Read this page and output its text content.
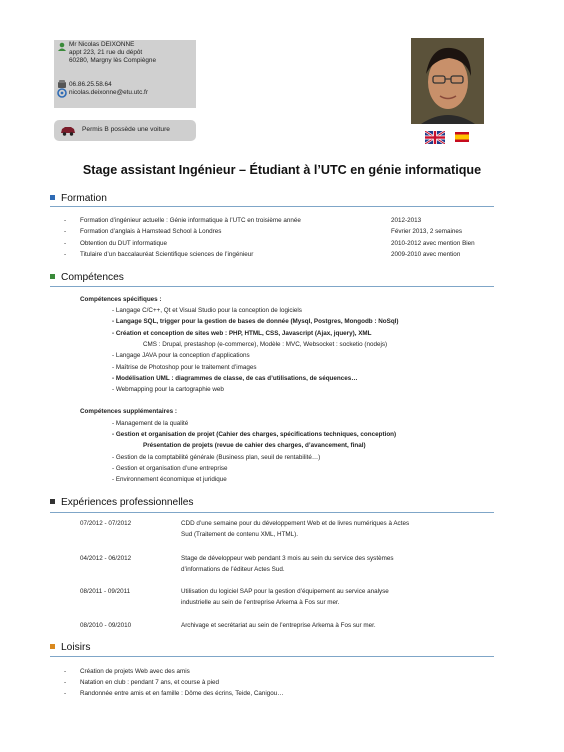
Mr Nicolas DEIXONNE
appt 223, 21 rue du dépôt
60280, Margny lès Compiègne
06.86.25.58.64
nicolas.deixonne@etu.utc.fr
Permis B possède une voiture
Stage assistant Ingénieur – Étudiant à l’UTC en génie informatique
Formation
- Formation d’ingénieur actuelle : Génie informatique à l’UTC en troisième année	2012-2013
- Formation d’anglais à Hamstead School à Londres	Février 2013, 2 semaines
- Obtention du DUT informatique	2010-2012 avec mention Bien
- Titulaire d’un baccalauréat Scientifique sciences de l’ingénieur	2009-2010 avec mention
Compétences
Compétences spécifiques :
- Langage C/C++, Qt et Visual Studio pour la conception de logiciels
- Langage SQL, trigger pour la gestion de bases de donnée (Mysql, Postgres, Mongodb : NoSql)
- Création et conception de sites web : PHP, HTML, CSS, Javascript (Ajax, jquery), XML
CMS : Drupal, prestashop (e-commerce), Modèle : MVC, Websocket : socketio (nodejs)
- Langage JAVA pour la conception d’applications
- Maîtrise de Photoshop pour le traitement d’images
- Modélisation UML : diagrammes de classe, de cas d’utilisations, de séquences…
- Webmapping pour la cartographie web
Compétences supplémentaires :
- Management de la qualité
- Gestion et organisation de projet (Cahier des charges, spécifications techniques, conception)
Présentation de projets (revue de cahier des charges, d’avancement, final)
- Gestion de la comptabilité générale (Business plan, seuil de rentabilité…)
- Gestion et organisation d’une entreprise
- Environnement économique et juridique
Expériences professionnelles
07/2012 - 07/2012	CDD d’une semaine pour du développement Web et de livres numériques à Actes
Sud (Traitement de contenu XML, HTML).
04/2012 - 06/2012	Stage de développeur web pendant 3 mois au sein du service des systèmes
d’informations de l’éditeur Actes Sud.
08/2011 - 09/2011	Utilisation du logiciel SAP pour la gestion d’équipement au service analyse
industrielle au sein de l’entreprise Arkema à Fos sur mer.
08/2010 - 09/2010	Archivage et secrétariat au sein de l’entreprise Arkema à Fos sur mer.
Loisirs
- Création de projets Web avec des amis
- Natation en club : pendant 7 ans, et course à pied
- Randonnée entre amis et en famille : Dôme des écrins, Teide, Canigou…
